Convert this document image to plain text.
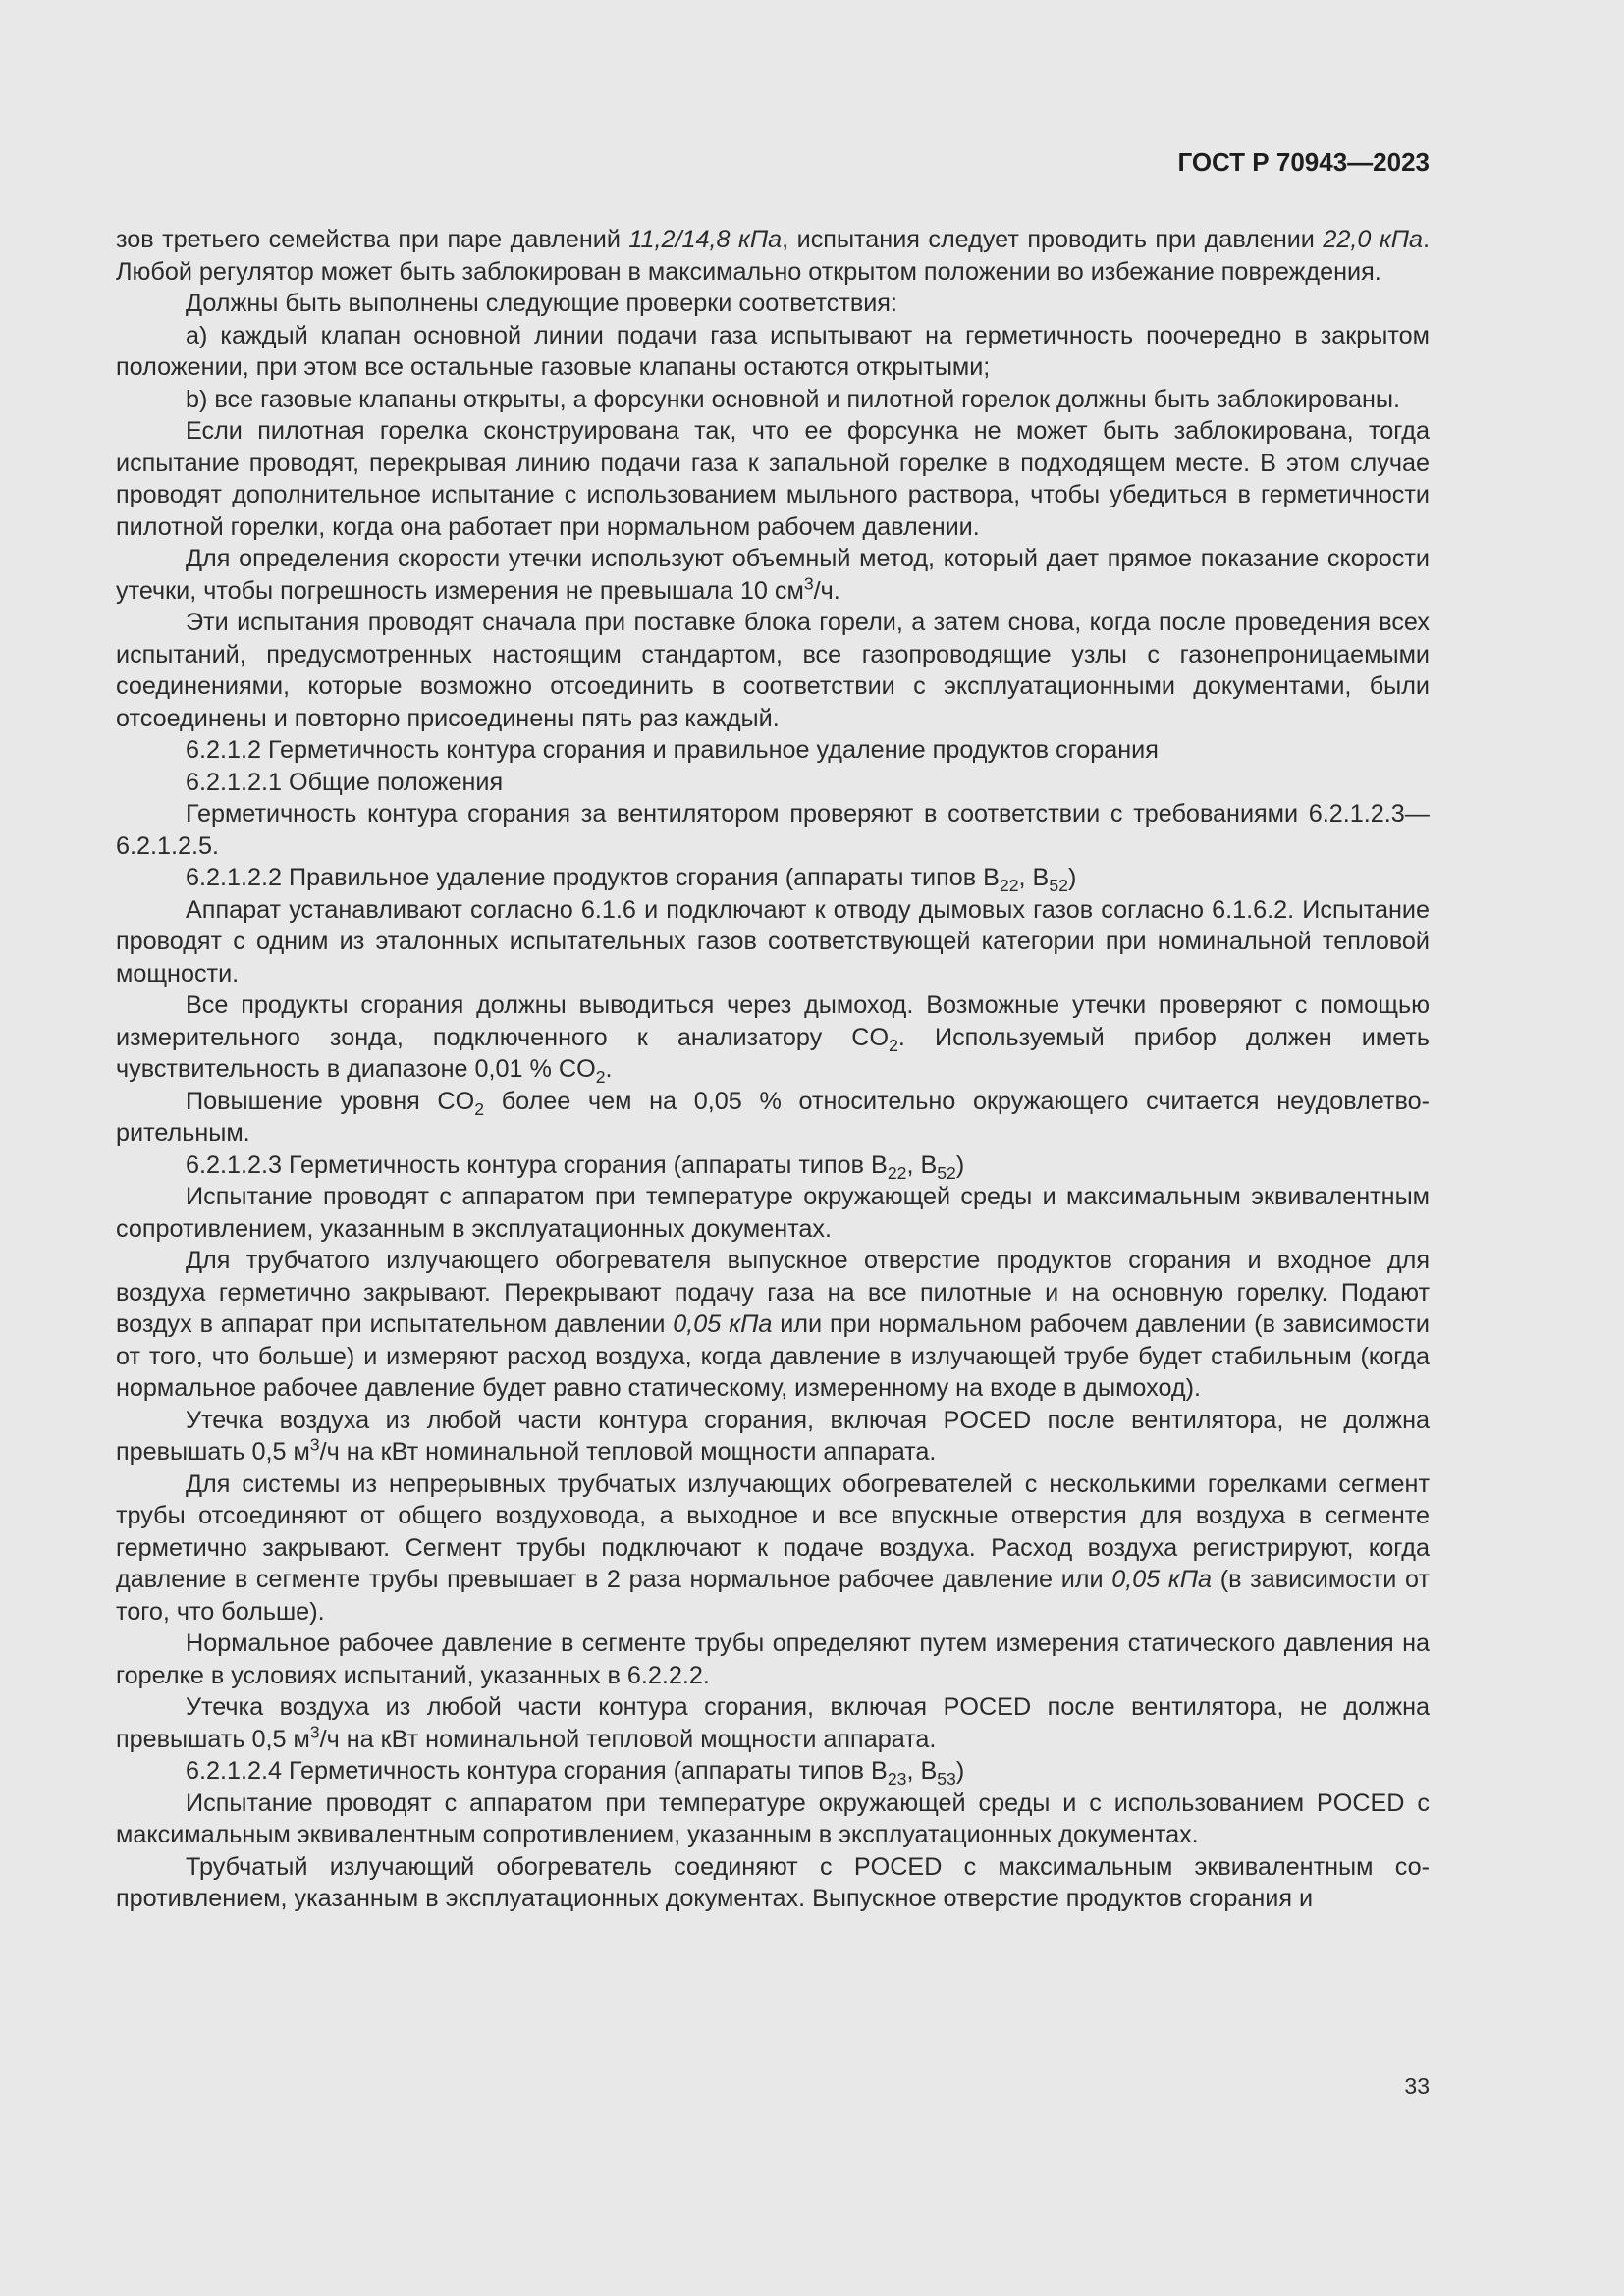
ГОСТ Р 70943—2023

зов третьего семейства при паре давлений 11,2/14,8 кПа, испытания следует проводить при давлении 22,0 кПа. Любой регулятор может быть заблокирован в максимально открытом положении во избежание повреждения.

Должны быть выполнены следующие проверки соответствия:

а) каждый клапан основной линии подачи газа испытывают на герметичность поочередно в закрытом положении, при этом все остальные газовые клапаны остаются открытыми;

b) все газовые клапаны открыты, а форсунки основной и пилотной горелок должны быть заблокированы.

Если пилотная горелка сконструирована так, что ее форсунка не может быть заблокирована, тогда испытание проводят, перекрывая линию подачи газа к запальной горелке в подходящем месте. В этом случае проводят дополнительное испытание с использованием мыльного раствора, чтобы убедиться в герметичности пилотной горелки, когда она работает при нормальном рабочем давлении.

Для определения скорости утечки используют объемный метод, который дает прямое показание скорости утечки, чтобы погрешность измерения не превышала 10 $см^3/ч$.

Эти испытания проводят сначала при поставке блока горели, а затем снова, когда после проведения всех испытаний, предусмотренных настоящим стандартом, все газопроводящие узлы с газонепроницаемыми соединениями, которые возможно отсоединить в соответствии с эксплуатационными документами, были отсоединены и повторно присоединены пять раз каждый.

6.2.1.2 Герметичность контура сгорания и правильное удаление продуктов сгорания

6.2.1.2.1 Общие положения

Герметичность контура сгорания за вентилятором проверяют в соответствии с требованиями 6.2.1.2.3—6.2.1.2.5.

6.2.1.2.2 Правильное удаление продуктов сгорания (аппараты типов $B_{22}$, $B_{52}$)

Аппарат устанавливают согласно 6.1.6 и подключают к отводу дымовых газов согласно 6.1.6.2. Испытание проводят с одним из эталонных испытательных газов соответствующей категории при номинальной тепловой мощности.

Все продукты сгорания должны выводиться через дымоход. Возможные утечки проверяют с помощью измерительного зонда, подключенного к анализатору $CO_2$. Используемый прибор должен иметь чувствительность в диапазоне 0,01 % $CO_2$.

Повышение уровня $CO_2$ более чем на 0,05 % относительно окружающего считается неудовлетворительным.

6.2.1.2.3 Герметичность контура сгорания (аппараты типов $B_{22}$, $B_{52}$)

Испытание проводят с аппаратом при температуре окружающей среды и максимальным эквивалентным сопротивлением, указанным в эксплуатационных документах.

Для трубчатого излучающего обогревателя выпускное отверстие продуктов сгорания и входное для воздуха герметично закрывают. Перекрывают подачу газа на все пилотные и на основную горелку. Подают воздух в аппарат при испытательном давлении 0,05 кПа или при нормальном рабочем давлении (в зависимости от того, что больше) и измеряют расход воздуха, когда давление в излучающей трубе будет стабильным (когда нормальное рабочее давление будет равно статическому, измеренному на входе в дымоход).

Утечка воздуха из любой части контура сгорания, включая POCED после вентилятора, не должна превышать 0,5 $м^3/ч$ на кВт номинальной тепловой мощности аппарата.

Для системы из непрерывных трубчатых излучающих обогревателей с несколькими горелками сегмент трубы отсоединяют от общего воздуховода, а выходное и все впускные отверстия для воздуха в сегменте герметично закрывают. Сегмент трубы подключают к подаче воздуха. Расход воздуха регистрируют, когда давление в сегменте трубы превышает в 2 раза нормальное рабочее давление или 0,05 кПа (в зависимости от того, что больше).

Нормальное рабочее давление в сегменте трубы определяют путем измерения статического давления на горелке в условиях испытаний, указанных в 6.2.2.2.

Утечка воздуха из любой части контура сгорания, включая POCED после вентилятора, не должна превышать 0,5 $м^3/ч$ на кВт номинальной тепловой мощности аппарата.

6.2.1.2.4 Герметичность контура сгорания (аппараты типов $B_{23}$, $B_{53}$)

Испытание проводят с аппаратом при температуре окружающей среды и с использованием POCED с максимальным эквивалентным сопротивлением, указанным в эксплуатационных документах.

Трубчатый излучающий обогреватель соединяют с POCED с максимальным эквивалентным сопротивлением, указанным в эксплуатационных документах. Выпускное отверстие продуктов сгорания и

33
